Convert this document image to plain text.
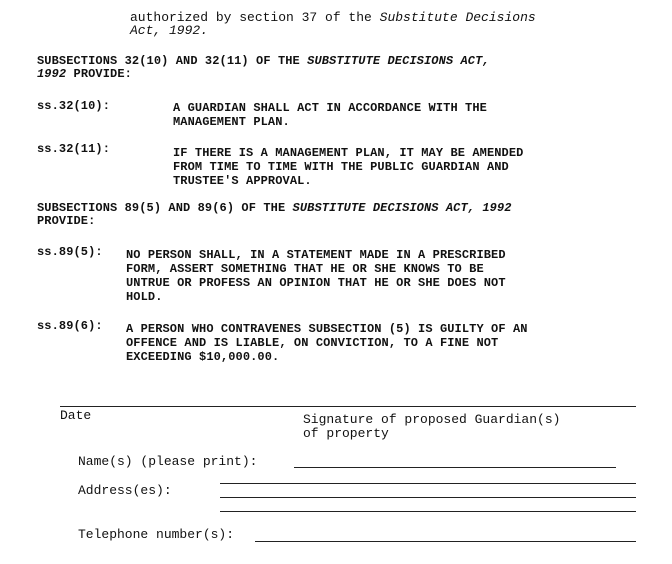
authorized by section 37 of the Substitute Decisions
Act, 1992.
SUBSECTIONS 32(10) AND 32(11) OF THE SUBSTITUTE DECISIONS ACT,
1992 PROVIDE:
ss.32(10):	A GUARDIAN SHALL ACT IN ACCORDANCE WITH THE
MANAGEMENT PLAN.
ss.32(11):	IF THERE IS A MANAGEMENT PLAN, IT MAY BE AMENDED
FROM TIME TO TIME WITH THE PUBLIC GUARDIAN AND
TRUSTEE'S APPROVAL.
SUBSECTIONS 89(5) AND 89(6) OF THE SUBSTITUTE DECISIONS ACT, 1992
PROVIDE:
ss.89(5): NO PERSON SHALL, IN A STATEMENT MADE IN A PRESCRIBED
FORM, ASSERT SOMETHING THAT HE OR SHE KNOWS TO BE
UNTRUE OR PROFESS AN OPINION THAT HE OR SHE DOES NOT
HOLD.
ss.89(6): A PERSON WHO CONTRAVENES SUBSECTION (5) IS GUILTY OF AN
OFFENCE AND IS LIABLE, ON CONVICTION, TO A FINE NOT
EXCEEDING $10,000.00.
Date	Signature of proposed Guardian(s)
of property
Name(s) (please print):
Address(es):
Telephone number(s):
